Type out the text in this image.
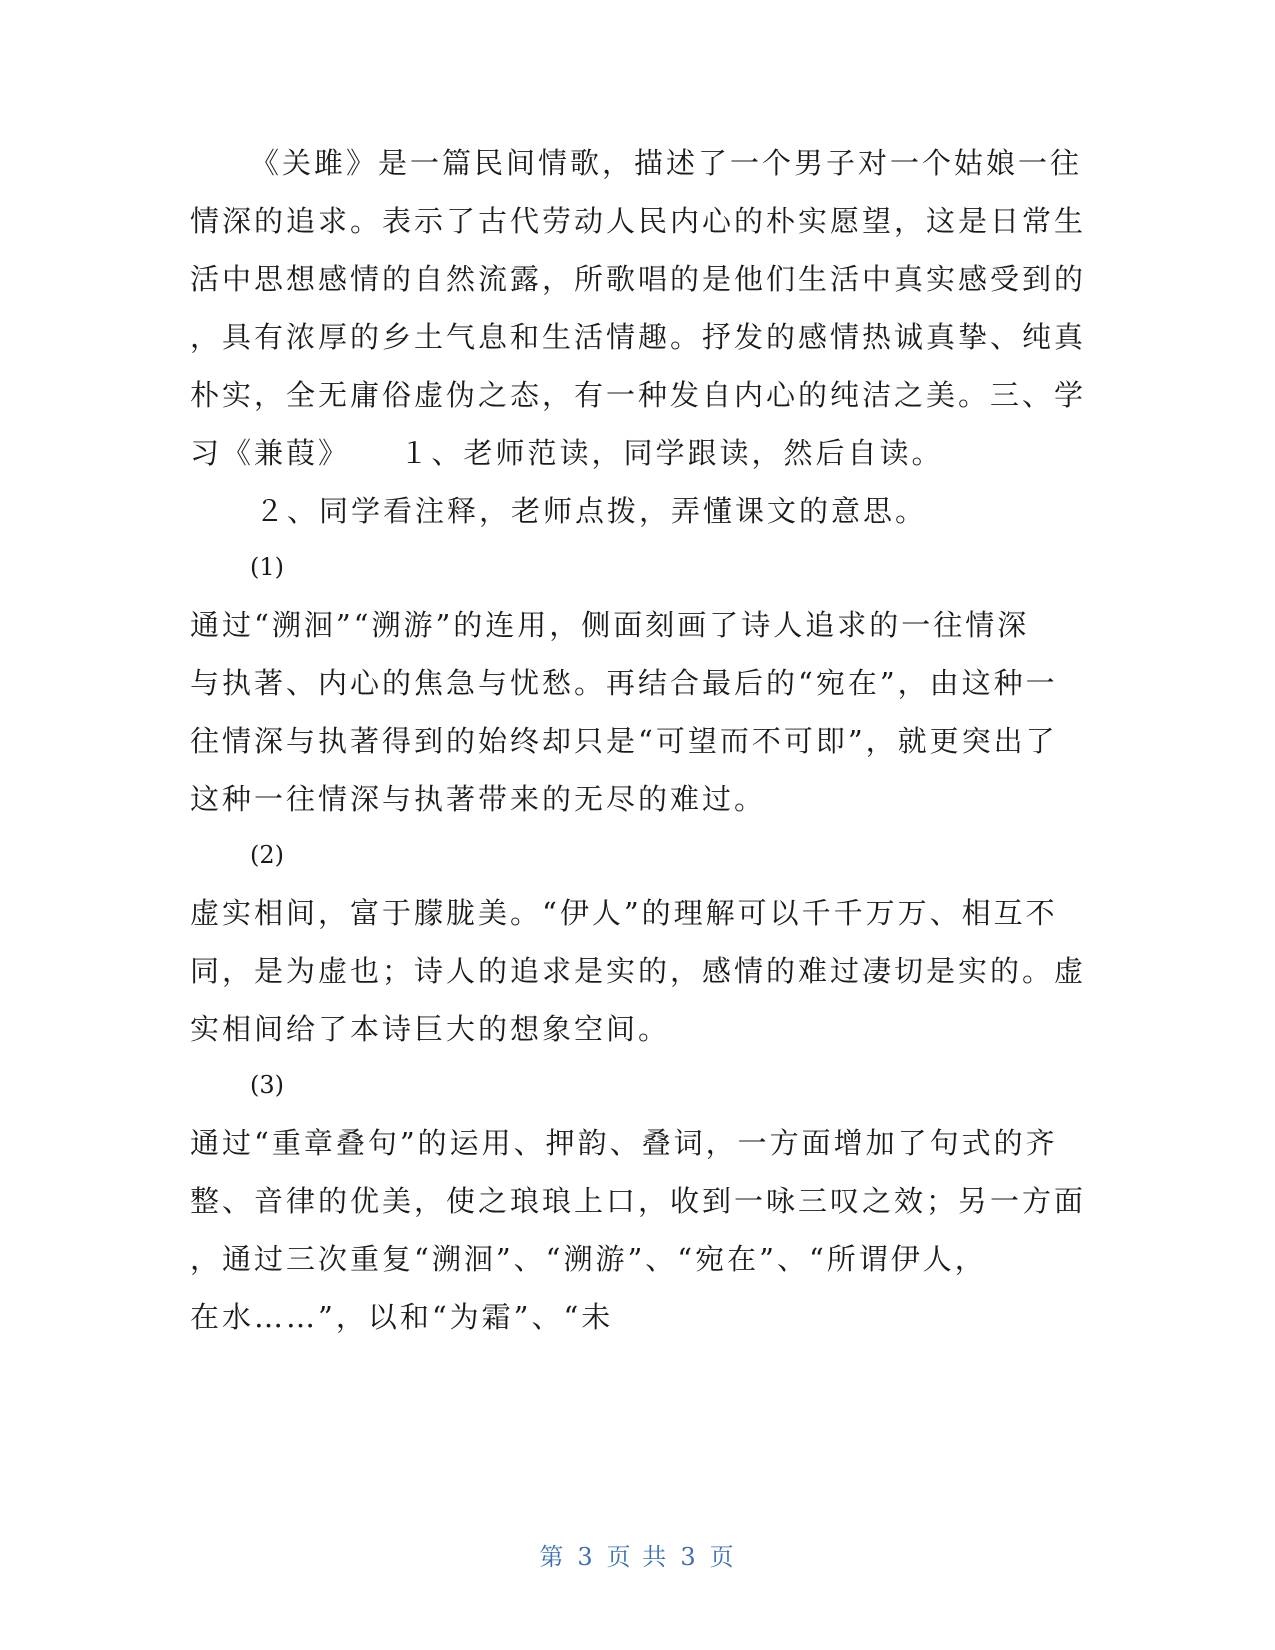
《关雎》是一篇民间情歌，描述了一个男子对一个姑娘一往
情深的追求。表示了古代劳动人民内心的朴实愿望，这是日常生
活中思想感情的自然流露，所歌唱的是他们生活中真实感受到的
，具有浓厚的乡土气息和生活情趣。抒发的感情热诚真挚、纯真
朴实，全无庸俗虚伪之态，有一种发自内心的纯洁之美。三、学
习《兼葭》　　１、老师范读，同学跟读，然后自读。
２、同学看注释，老师点拨，弄懂课文的意思。
(1)
通过“溯洄”“溯游”的连用，侧面刻画了诗人追求的一往情深
与执著、内心的焦急与忧愁。再结合最后的“宛在”，由这种一
往情深与执著得到的始终却只是“可望而不可即”，就更突出了
这种一往情深与执著带来的无尽的难过。
(2)
虚实相间，富于朦胧美。“伊人”的理解可以千千万万、相互不
同，是为虚也；诗人的追求是实的，感情的难过凄切是实的。虚
实相间给了本诗巨大的想象空间。
(3)
通过“重章叠句”的运用、押韵、叠词，一方面增加了句式的齐
整、音律的优美，使之琅琅上口，收到一咏三叹之效；另一方面
，通过三次重复“溯洄”、“溯游”、“宛在”、“所谓伊人，
在水……”，以和“为霜”、“未
第 3 页 共 3 页
